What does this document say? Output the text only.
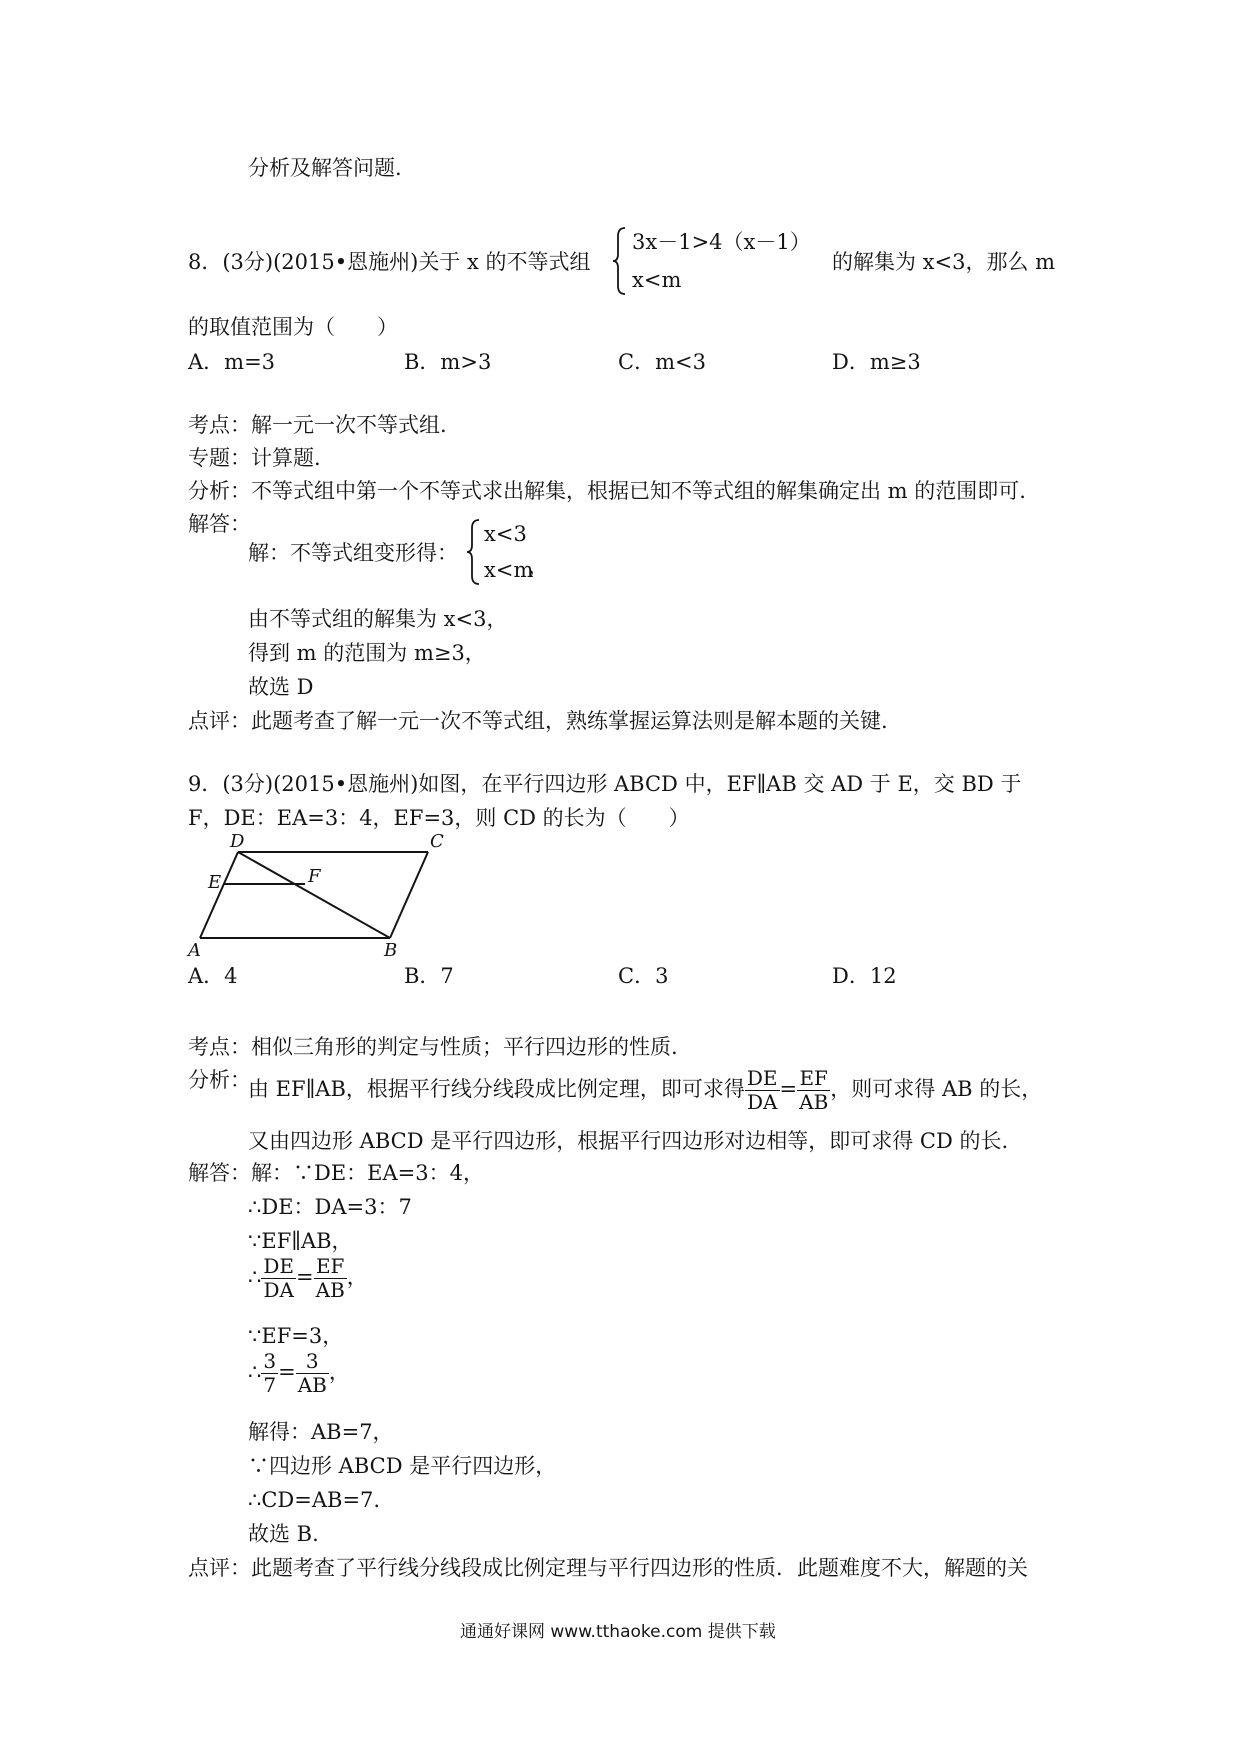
分析及解答问题.
8．(3分)(2015•恩施州)关于 x 的不等式组
3x－1>4（x－1）
x<m
的解集为 x<3，那么 m
的取值范围为（　　）
A．m=3	B．m>3	C．m<3	D．m≥3
考点：解一元一次不等式组.
专题：计算题.
分析：不等式组中第一个不等式求出解集，根据已知不等式组的解集确定出 m 的范围即可.
解答：
解：不等式组变形得：
x<3
x<m
，
由不等式组的解集为 x<3，
得到 m 的范围为 m≥3，
故选 D
点评：此题考查了解一元一次不等式组，熟练掌握运算法则是解本题的关键.
9．(3分)(2015•恩施州)如图，在平行四边形 ABCD 中，EF∥AB 交 AD 于 E，交 BD 于
F，DE：EA=3：4，EF=3，则 CD 的长为（　　）
D	C
E	F
A	B
A．4	B．7	C．3	D．12
考点：相似三角形的判定与性质；平行四边形的性质.
分析：
由 EF∥AB，根据平行线分线段成比例定理，即可求得 $\frac{DE}{DA} = \frac{EF}{AB}$ ，则可求得 AB 的长，
又由四边形 ABCD 是平行四边形，根据平行四边形对边相等，即可求得 CD 的长.
解答：解：∵DE：EA=3：4，
∴DE：DA=3：7
∵EF∥AB，
∴ $\frac{DE}{DA} = \frac{EF}{AB}$ ，
∵EF=3，
∴ $\frac{3}{7} = \frac{3}{AB}$ ，
解得：AB=7，
∵四边形 ABCD 是平行四边形，
∴CD=AB=7.
故选 B.
点评：此题考查了平行线分线段成比例定理与平行四边形的性质．此题难度不大，解题的关
通通好课网 www.tthaoke.com 提供下载
